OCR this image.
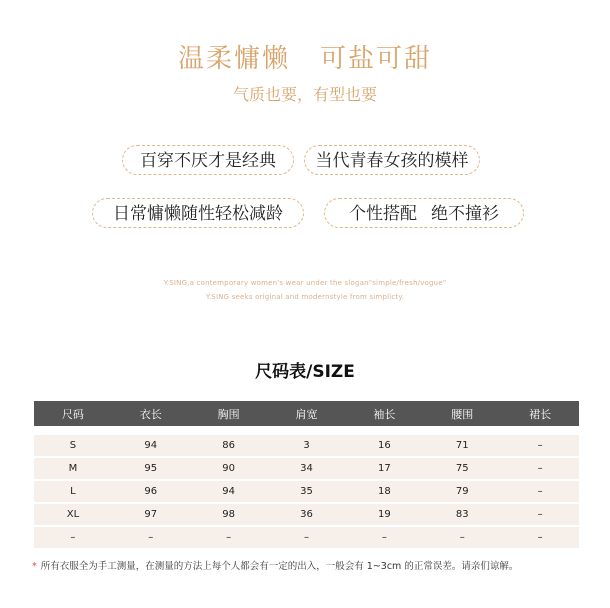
温柔慵懒 可盐可甜
气质也要，有型也要
百穿不厌才是经典	当代青春女孩的模样
日常慵懒随性轻松减龄	个性搭配 绝不撞衫
Y.SING,a contemporary women's wear under the slogan"simple/fresh/vogue"
Y.SING seeks original and modernstyle from simplicty.
尺码表/SIZE
尺码	衣长	胸围	肩宽	袖长	腰围	裙长
S	94	86	3	16	71	–
M	95	90	34	17	75	–
L	96	94	35	18	79	–
XL	97	98	36	19	83	–
–	–	–	–	–	–	–
* 所有衣服全为手工测量，在测量的方法上每个人都会有一定的出入，一般会有 1~3cm 的正常误差。请亲们谅解。
